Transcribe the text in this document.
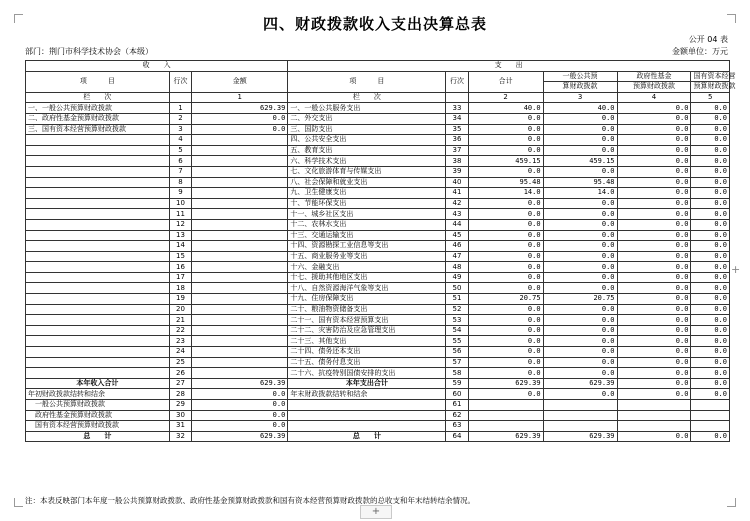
四、财政拨款收入支出决算总表
公开 04 表
部门：荆门市科学技术协会（本级）	金额单位：万元
收　　入			支　　出					
项　　　目	行次	金额	项　　　目	行次	合计	一般公共预	政府性基金	国有资本经营
						算财政拨款	预算财政拨款	预算财政拨款
栏　　次		1	栏　　次		2	3	4	5
一、一般公共预算财政拨款	1	629.39	一、一般公共服务支出	33	40.0	40.0	0.0	0.0
二、政府性基金预算财政拨款	2	0.0	二、外交支出	34	0.0	0.0	0.0	0.0
三、国有资本经营预算财政拨款	3	0.0	三、国防支出	35	0.0	0.0	0.0	0.0
	4		四、公共安全支出	36	0.0	0.0	0.0	0.0
	5		五、教育支出	37	0.0	0.0	0.0	0.0
	6		六、科学技术支出	38	459.15	459.15	0.0	0.0
	7		七、文化旅游体育与传媒支出	39	0.0	0.0	0.0	0.0
	8		八、社会保障和就业支出	40	95.48	95.48	0.0	0.0
	9		九、卫生健康支出	41	14.0	14.0	0.0	0.0
	10		十、节能环保支出	42	0.0	0.0	0.0	0.0
	11		十一、城乡社区支出	43	0.0	0.0	0.0	0.0
	12		十二、农林水支出	44	0.0	0.0	0.0	0.0
	13		十三、交通运输支出	45	0.0	0.0	0.0	0.0
	14		十四、资源勘探工业信息等支出	46	0.0	0.0	0.0	0.0
	15		十五、商业服务业等支出	47	0.0	0.0	0.0	0.0
	16		十六、金融支出	48	0.0	0.0	0.0	0.0
	17		十七、援助其他地区支出	49	0.0	0.0	0.0	0.0
	18		十八、自然资源海洋气象等支出	50	0.0	0.0	0.0	0.0
	19		十九、住房保障支出	51	20.75	20.75	0.0	0.0
	20		二十、粮油物资储备支出	52	0.0	0.0	0.0	0.0
	21		二十一、国有资本经营预算支出	53	0.0	0.0	0.0	0.0
	22		二十二、灾害防治及应急管理支出	54	0.0	0.0	0.0	0.0
	23		二十三、其他支出	55	0.0	0.0	0.0	0.0
	24		二十四、债务还本支出	56	0.0	0.0	0.0	0.0
	25		二十五、债务付息支出	57	0.0	0.0	0.0	0.0
	26		二十六、抗疫特别国债安排的支出	58	0.0	0.0	0.0	0.0
本年收入合计	27	629.39	本年支出合计	59	629.39	629.39	0.0	0.0
年初财政拨款结转和结余	28	0.0	年末财政拨款结转和结余	60	0.0	0.0	0.0	0.0
　一般公共预算财政拨款	29	0.0		61				
　政府性基金预算财政拨款	30	0.0		62				
　国有资本经营预算财政拨款	31	0.0		63				
总　　计	32	629.39	总　　计	64	629.39	629.39	0.0	0.0
注：本表反映部门本年度一般公共预算财政拨款、政府性基金预算财政拨款和国有资本经营预算财政拨款的总收支和年末结转结余情况。
+
+
